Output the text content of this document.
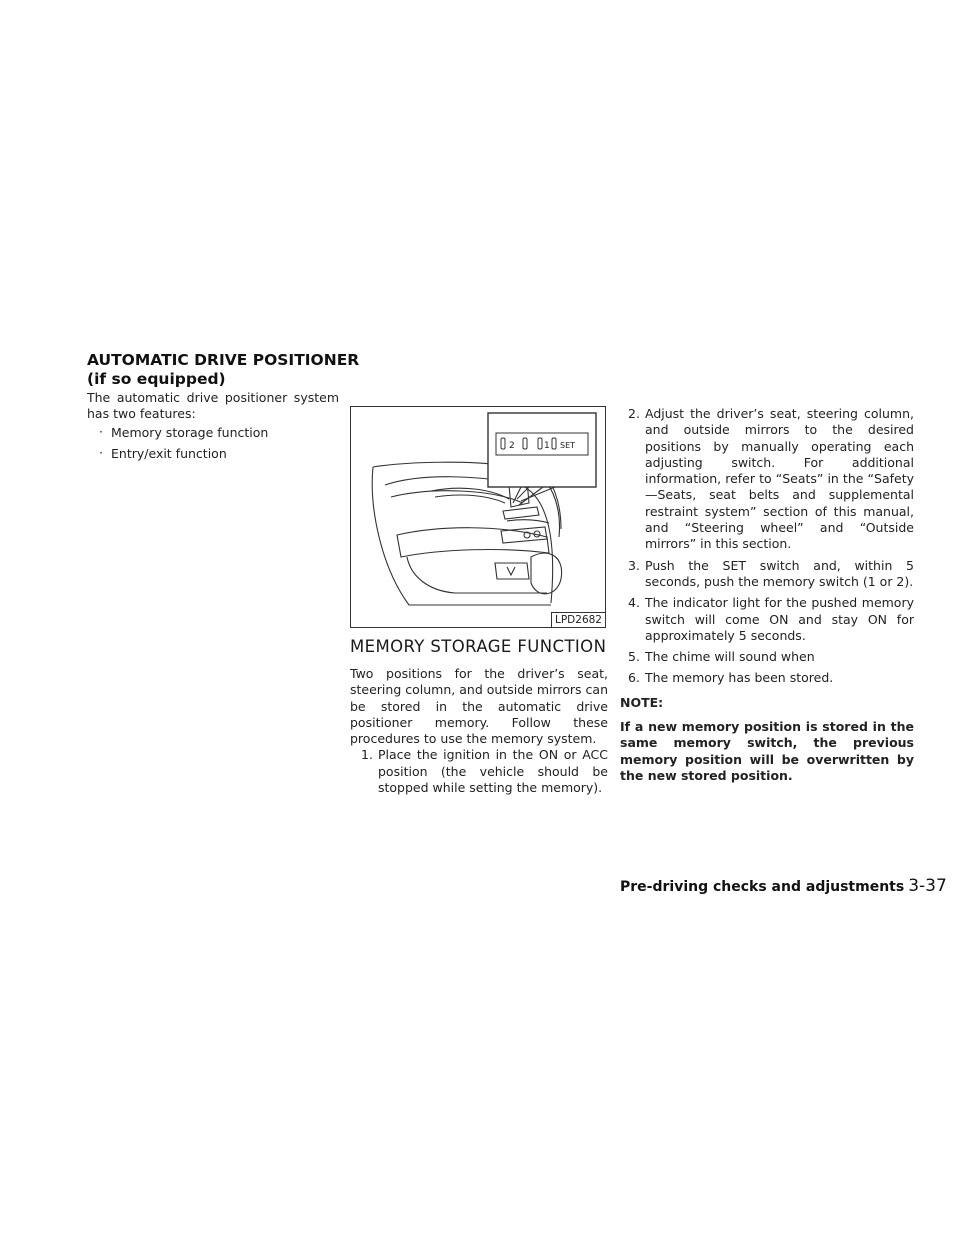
AUTOMATIC DRIVE POSITIONER
(if so equipped)

The automatic drive positioner system has two features:

· Memory storage function
· Entry/exit function	2	1 SET
LPD2682
MEMORY STORAGE FUNCTION

Two positions for the driver’s seat, steering column, and outside mirrors can be stored in the automatic drive positioner memory. Follow these procedures to use the memory system.

1. Place the ignition in the ON or ACC position (the vehicle should be stopped while setting the memory).
2. Adjust the driver’s seat, steering column, and outside mirrors to the desired positions by manually operating each adjusting switch. For additional information, refer to “Seats” in the “Safety—Seats, seat belts and supplemental restraint system” section of this manual, and “Steering wheel” and “Outside mirrors” in this section.
3. Push the SET switch and, within 5 seconds, push the memory switch (1 or 2).
4. The indicator light for the pushed memory switch will come ON and stay ON for approximately 5 seconds.
5. The chime will sound when
6. The memory has been stored.

NOTE:

If a new memory position is stored in the same memory switch, the previous memory position will be overwritten by the new stored position.

Pre-driving checks and adjustments 3-37
